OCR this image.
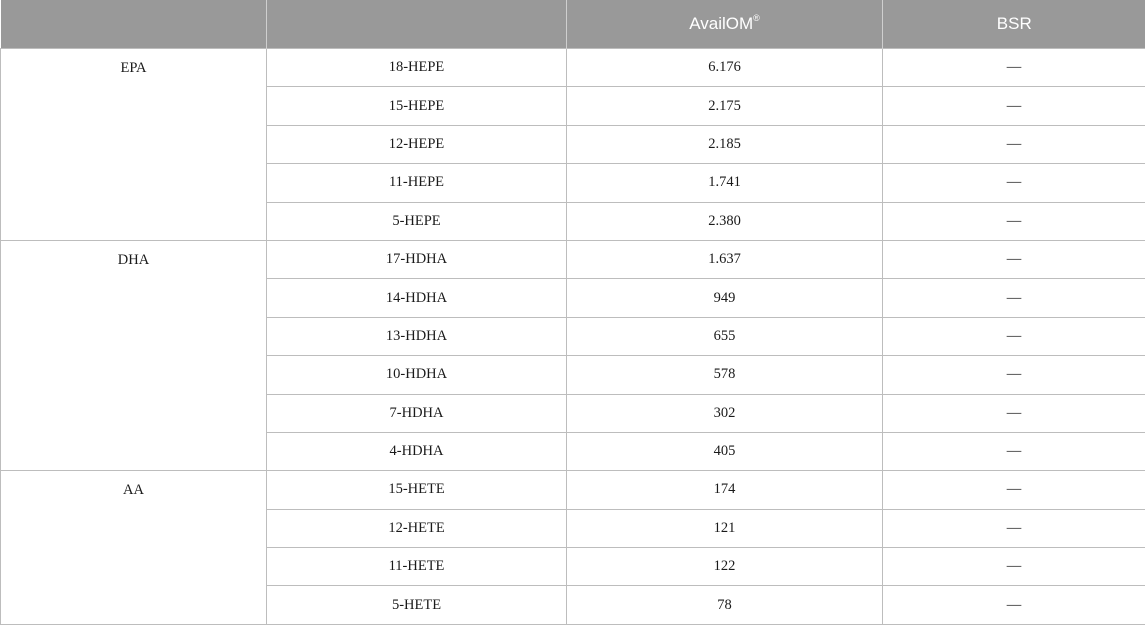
		AvailOM®	BSR
EPA	18-HEPE	6.176	—
	15-HEPE	2.175	—
	12-HEPE	2.185	—
	11-HEPE	1.741	—
	5-HEPE	2.380	—
DHA	17-HDHA	1.637	—
	14-HDHA	949	—
	13-HDHA	655	—
	10-HDHA	578	—
	7-HDHA	302	—
	4-HDHA	405	—
AA	15-HETE	174	—
	12-HETE	121	—
	11-HETE	122	—
	5-HETE	78	—
